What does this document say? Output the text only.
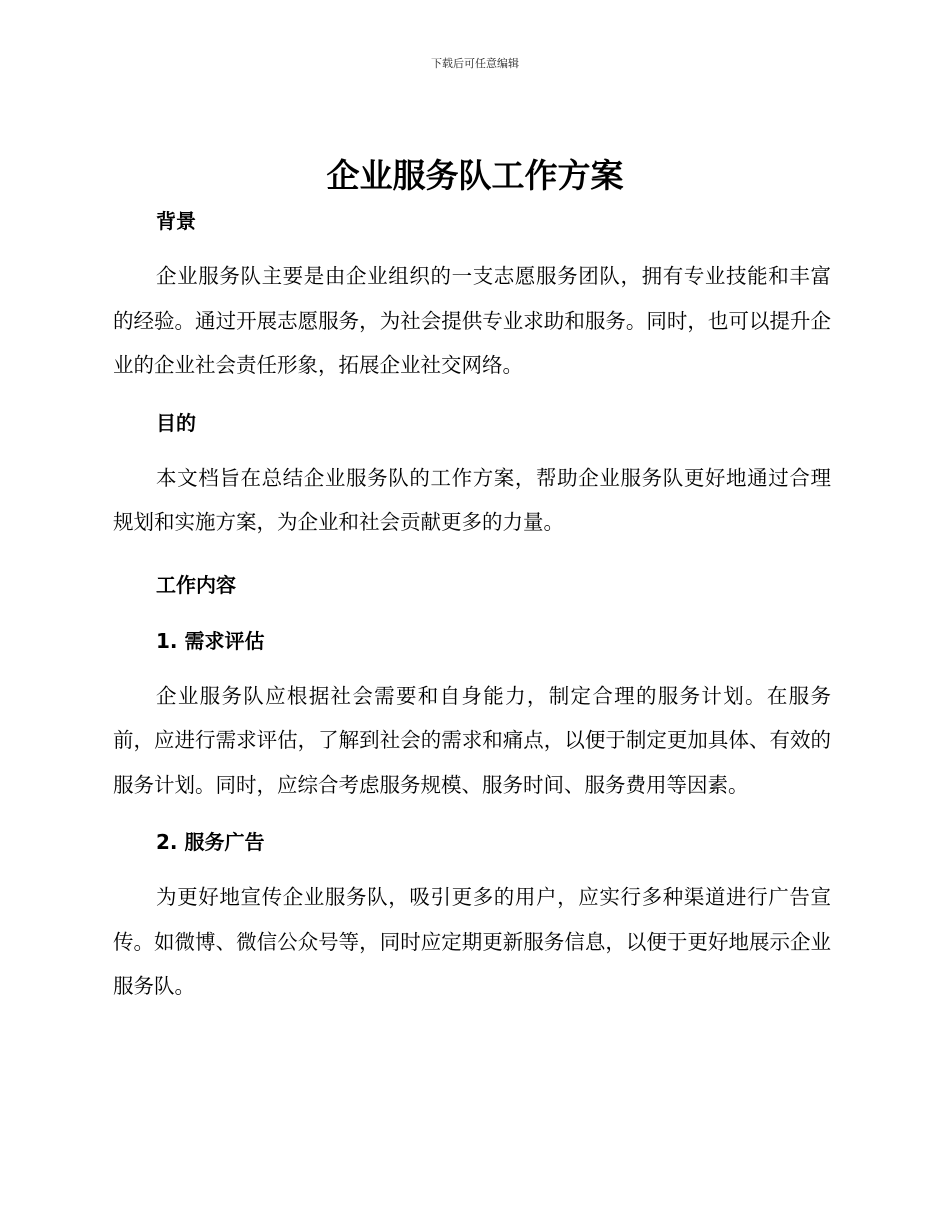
下载后可任意编辑
企业服务队工作方案
背景

企业服务队主要是由企业组织的一支志愿服务团队，拥有专业技能和丰富的经验。通过开展志愿服务，为社会提供专业求助和服务。同时，也可以提升企业的企业社会责任形象，拓展企业社交网络。

目的

本文档旨在总结企业服务队的工作方案，帮助企业服务队更好地通过合理规划和实施方案，为企业和社会贡献更多的力量。

工作内容
1. 需求评估

企业服务队应根据社会需要和自身能力，制定合理的服务计划。在服务前，应进行需求评估，了解到社会的需求和痛点，以便于制定更加具体、有效的服务计划。同时，应综合考虑服务规模、服务时间、服务费用等因素。

2. 服务广告

为更好地宣传企业服务队，吸引更多的用户，应实行多种渠道进行广告宣传。如微博、微信公众号等，同时应定期更新服务信息，以便于更好地展示企业服务队。
